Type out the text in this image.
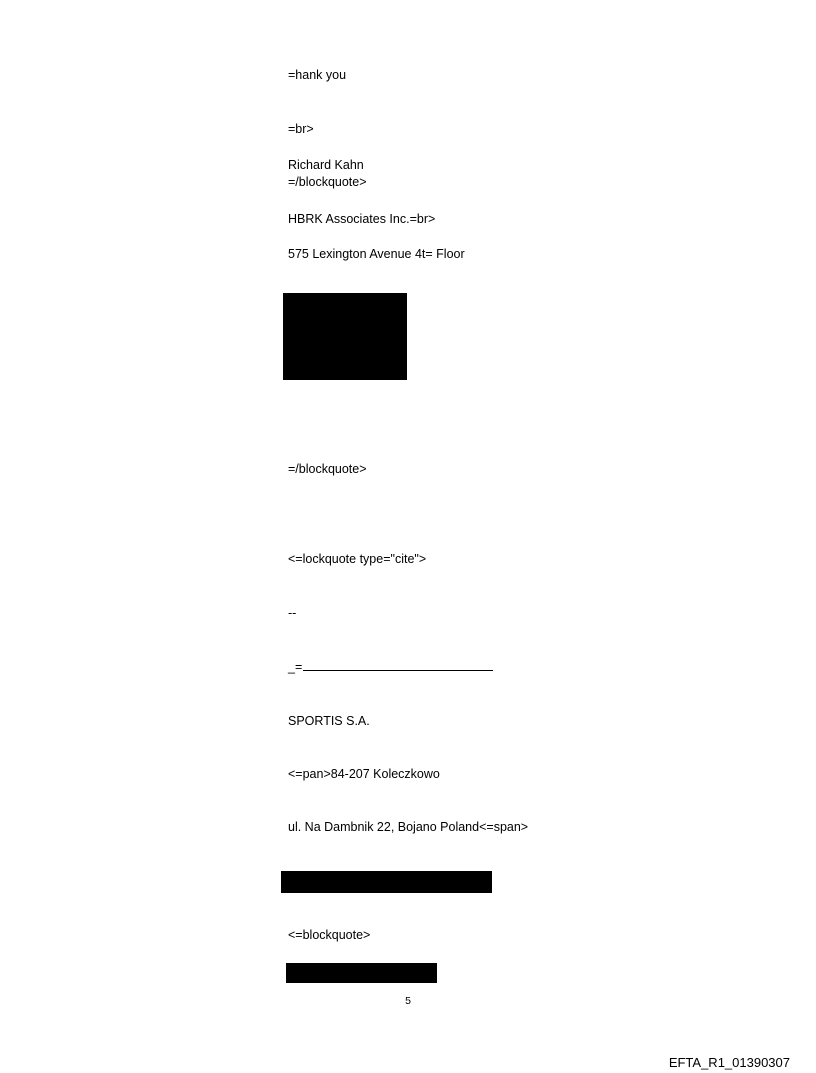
=hank you
=br>
Richard Kahn
=/blockquote>
HBRK Associates Inc.=br>
575 Lexington Avenue 4t= Floor
=/blockquote>
<=lockquote type="cite">
--
_=
SPORTIS S.A.
<=pan>84-207 Koleczkowo
ul. Na Dambnik 22, Bojano Poland<=span>
<=blockquote>
5
EFTA_R1_01390307
